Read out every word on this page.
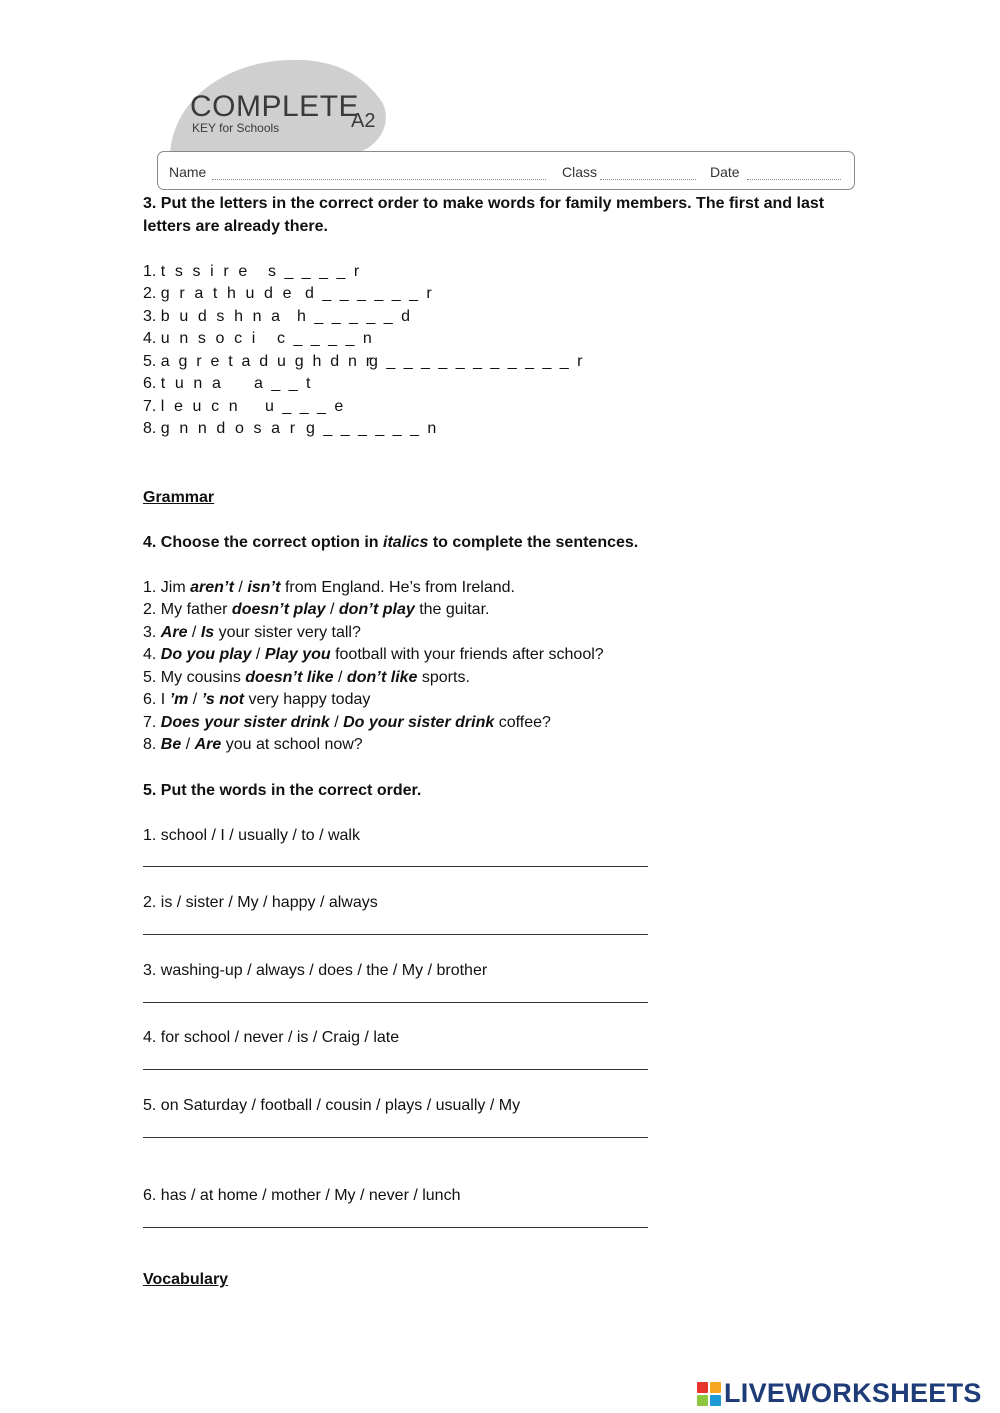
COMPLETE
KEY for Schools	A2
Name	Class	Date
3. Put the letters in the correct order to make words for family members. The first and last
letters are already there.
1. t s s i r e s _ _ _ _ r
2. g r a t h u d e d _ _ _ _ _ _ r
3. b u d s h n a h _ _ _ _ _ d
4. u n s o c i c _ _ _ _ n
5. a g r e t a d u g h d n r
g _ _ _ _ _ _ _ _ _ _ _ r
6. t u n a a _ _ t
7. l e u c n u _ _ _ e
8. g n n d o s a r g _ _ _ _ _ _ n
Grammar
4. Choose the correct option in italics to complete the sentences.
1. Jim aren’t / isn’t from England. He’s from Ireland.
2. My father doesn’t play / don’t play the guitar.
3. Are / Is your sister very tall?
4. Do you play / Play you football with your friends after school?
5. My cousins doesn’t like / don’t like sports.
6. I ’m / ’s not very happy today
7. Does your sister drink / Do your sister drink coffee?
8. Be / Are you at school now?
5. Put the words in the correct order.
1. school / I / usually / to / walk
2. is / sister / My / happy / always
3. washing-up / always / does / the / My / brother
4. for school / never / is / Craig / late
5. on Saturday / football / cousin / plays / usually / My
6. has / at home / mother / My / never / lunch
Vocabulary
LIVEWORKSHEETS
